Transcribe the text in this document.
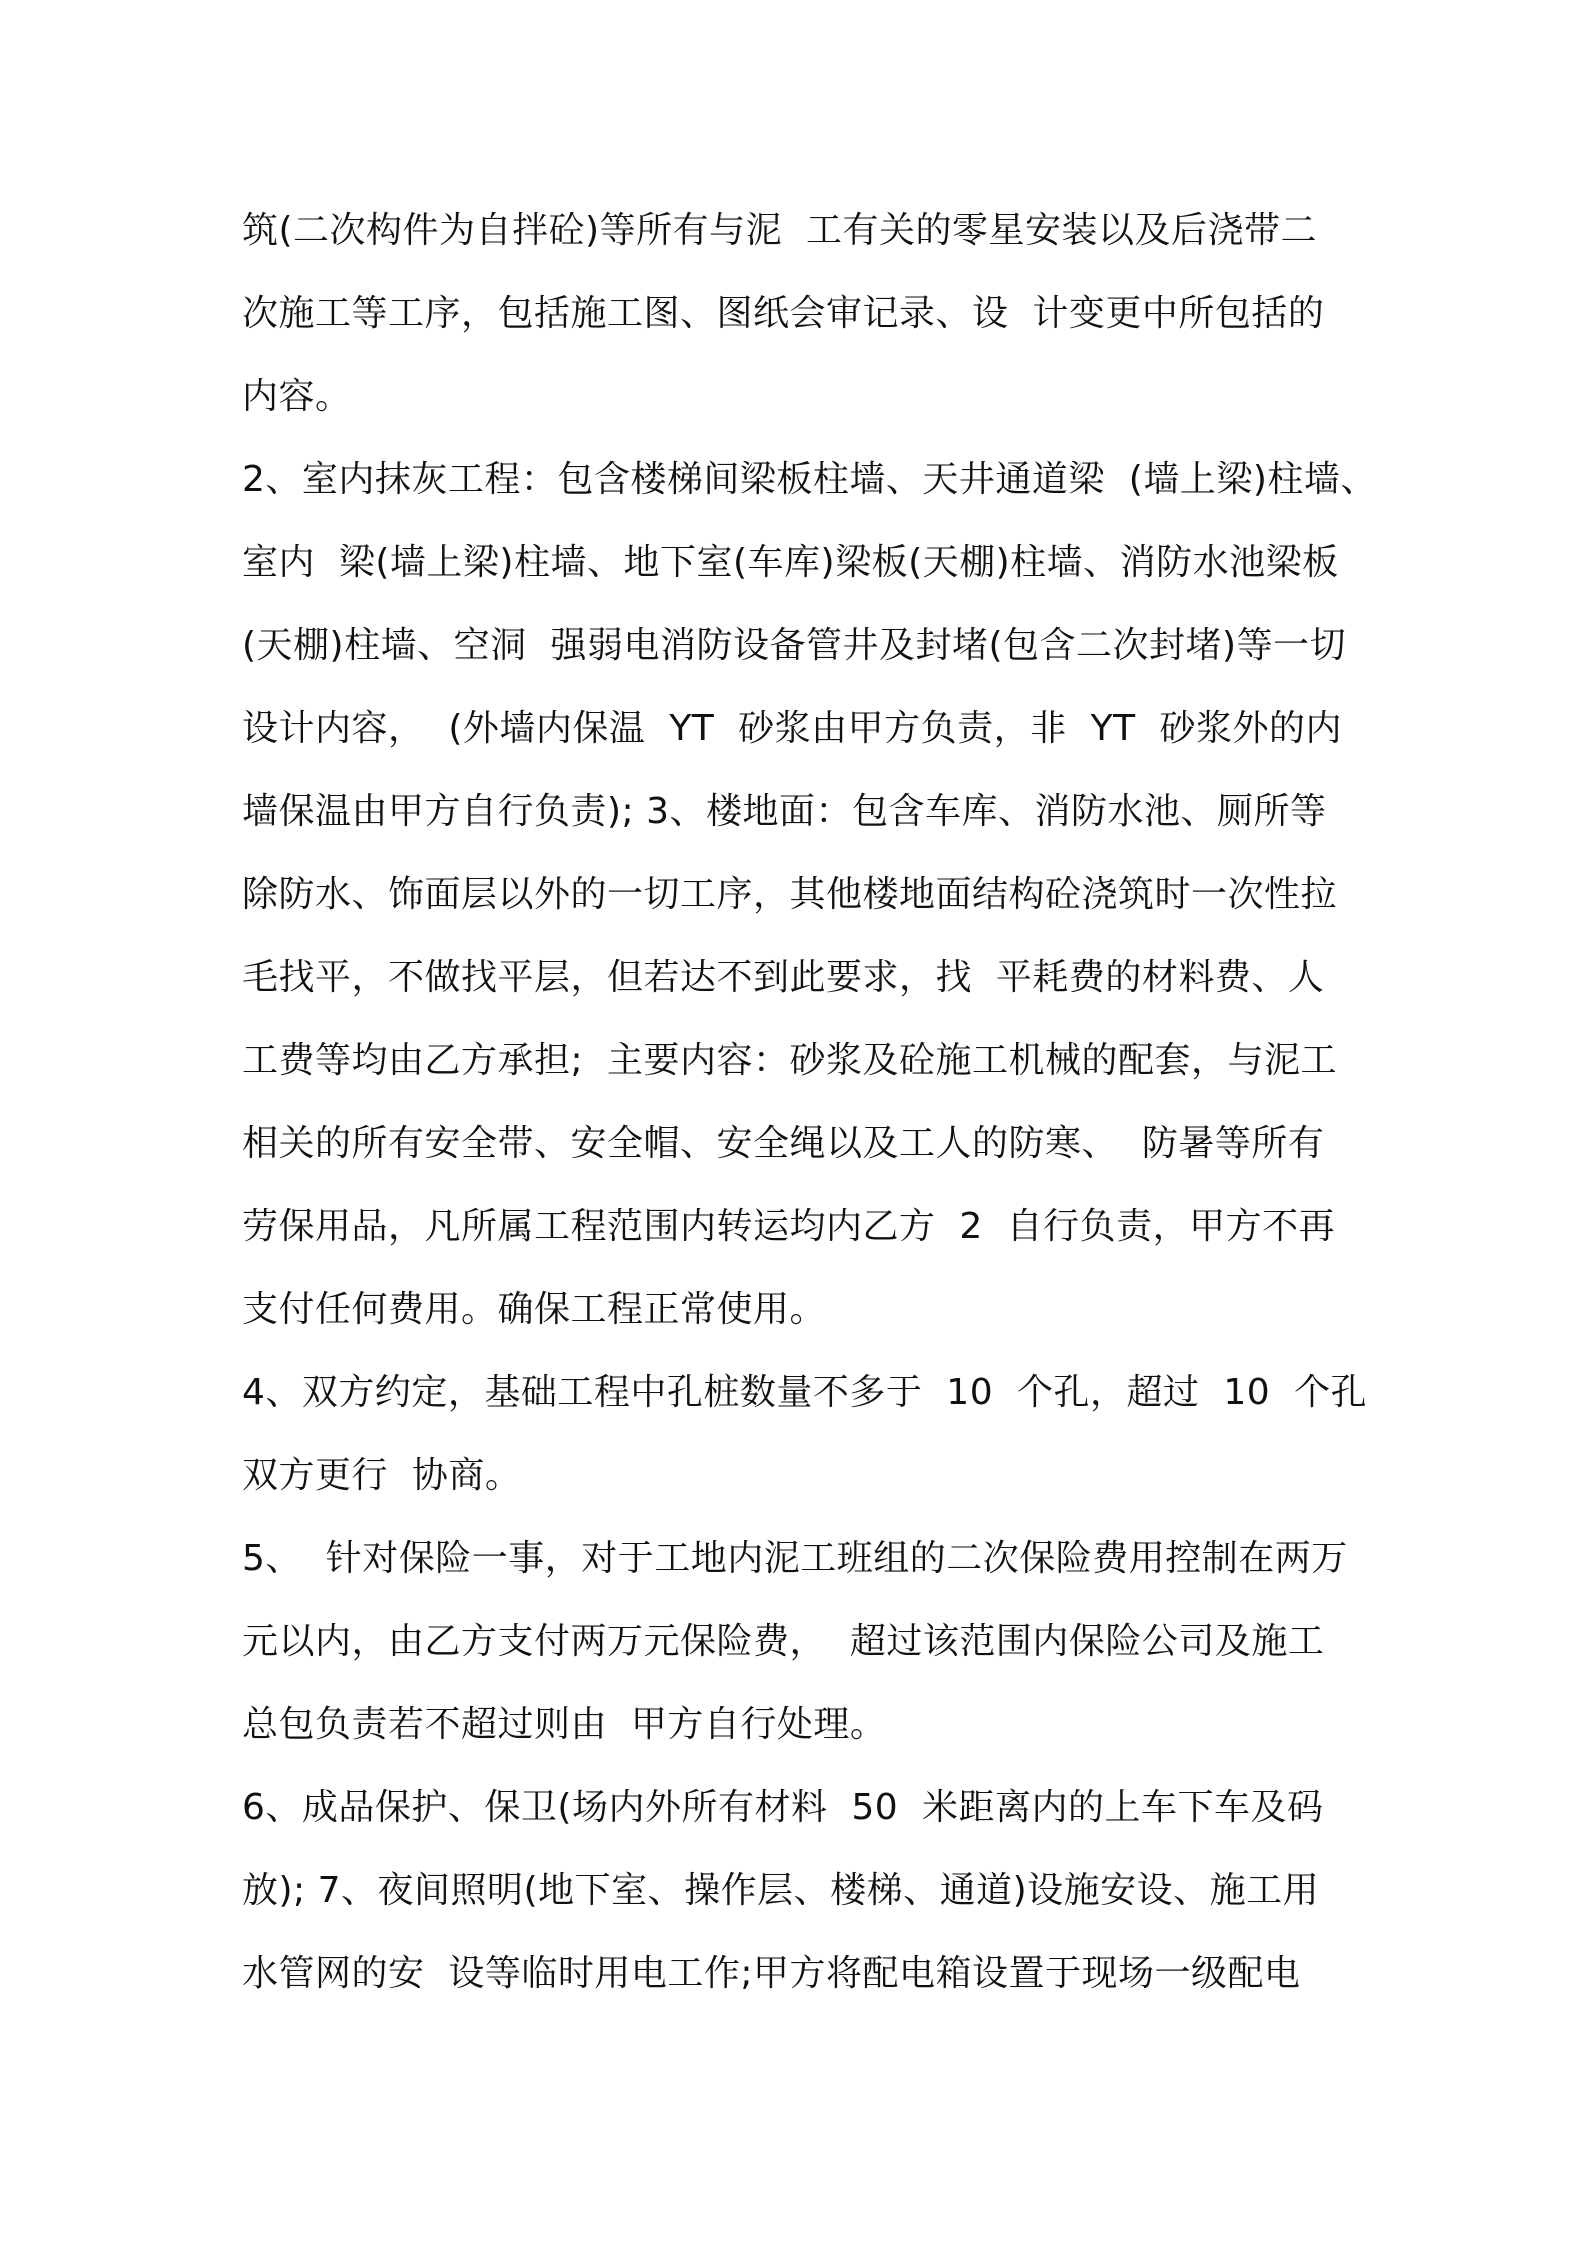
筑(二次构件为自拌砼)等所有与泥  工有关的零星安装以及后浇带二
次施工等工序，包括施工图、图纸会审记录、设  计变更中所包括的
内容。
2、室内抹灰工程：包含楼梯间梁板柱墙、天井通道梁  (墙上梁)柱墙、
室内  梁(墙上梁)柱墙、地下室(车库)梁板(天棚)柱墙、消防水池梁板
(天棚)柱墙、空洞  强弱电消防设备管井及封堵(包含二次封堵)等一切
设计内容，  (外墙内保温  YT  砂浆由甲方负责，非  YT  砂浆外的内
墙保温由甲方自行负责); 3、楼地面：包含车库、消防水池、厕所等
除防水、饰面层以外的一切工序，其他楼地面结构砼浇筑时一次性拉
毛找平，不做找平层，但若达不到此要求，找  平耗费的材料费、人
工费等均由乙方承担;  主要内容：砂浆及砼施工机械的配套，与泥工
相关的所有安全带、安全帽、安全绳以及工人的防寒、  防暑等所有
劳保用品，凡所属工程范围内转运均内乙方  2  自行负责，甲方不再
支付任何费用。确保工程正常使用。
4、双方约定，基础工程中孔桩数量不多于  10  个孔，超过  10  个孔
双方更行  协商。
5、  针对保险一事，对于工地内泥工班组的二次保险费用控制在两万
元以内，由乙方支付两万元保险费，  超过该范围内保险公司及施工
总包负责若不超过则由  甲方自行处理。
6、成品保护、保卫(场内外所有材料  50  米距离内的上车下车及码
放); 7、夜间照明(地下室、操作层、楼梯、通道)设施安设、施工用
水管网的安  设等临时用电工作;甲方将配电箱设置于现场一级配电
